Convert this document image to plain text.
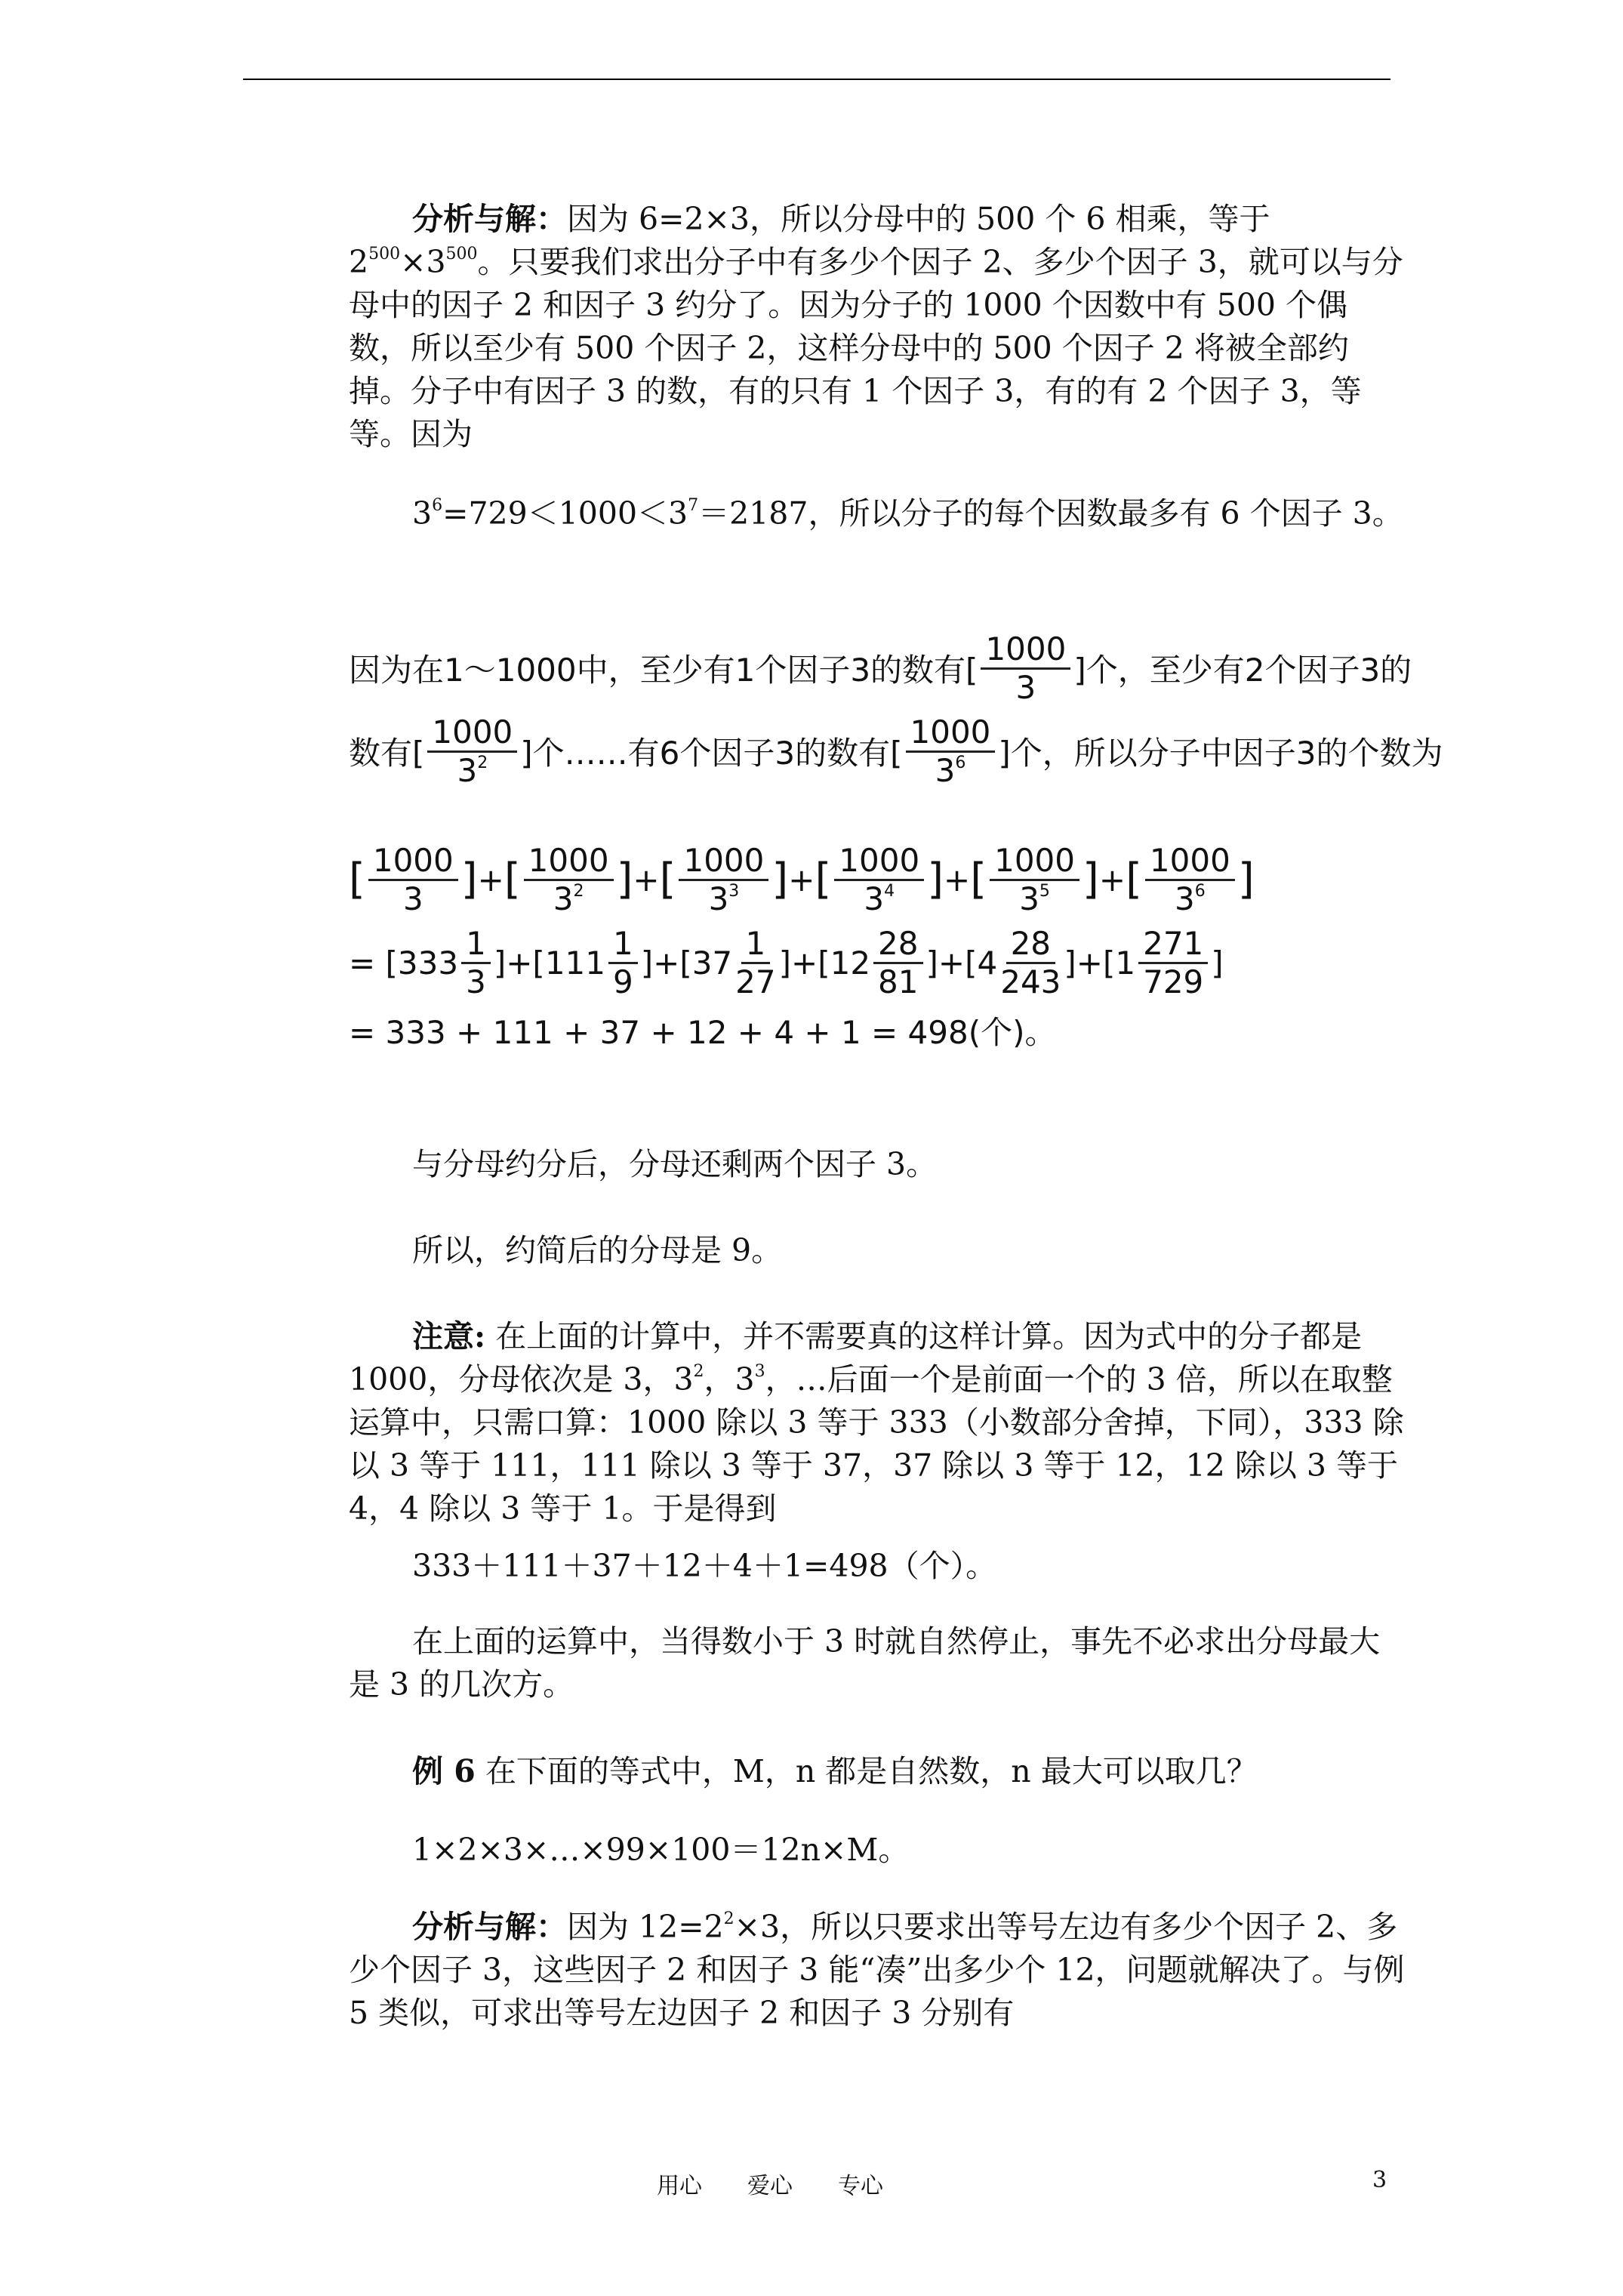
分析与解：因为 6=2×3，所以分母中的 500 个 6 相乘，等于 $2^{500}\times 3^{500}$。只要我们求出分子中有多少个因子 2、多少个因子 3，就可以与分母中的因子 2 和因子 3 约分了。因为分子的 1000 个因数中有 500 个偶数，所以至少有 500 个因子 2，这样分母中的 500 个因子 2 将被全部约掉。分子中有因子 3 的数，有的只有 1 个因子 3，有的有 2 个因子 3，等等。因为

$3^6=729<1000<3^7=2187$，所以分子的每个因数最多有 6 个因子 3。

因为在1～1000中，至少有1个因子3的数有[ $\frac{1000}{3}$ ]个，至少有2个因子3的
数有[ $\frac{1000}{3^2}$ ]个……有6个因子3的数有[ $\frac{1000}{3^6}$ ]个，所以分子中因子3的个数为
[ $\frac{1000}{3}$ ] + [ $\frac{1000}{3^2}$ ] + [ $\frac{1000}{3^3}$ ] + [ $\frac{1000}{3^4}$ ] + [ $\frac{1000}{3^5}$ ] + [ $\frac{1000}{3^6}$ ]
= [$333 \frac{1}{3}$ ] + [ $111 \frac{1}{9}$ ] + [ $37 \frac{1}{27}$ ] + [ $12 \frac{28}{81}$ ] + [ $4 \frac{28}{243}$ ] + [ $1 \frac{271}{729}$ ]
= 333 + 111 + 37 + 12 + 4 + 1 = 498(个)。

与分母约分后，分母还剩两个因子 3。

所以，约简后的分母是 9。

注意: 在上面的计算中，并不需要真的这样计算。因为式中的分子都是 1000，分母依次是 3，$3^2$，$3^3$，…后面一个是前面一个的 3 倍，所以在取整运算中，只需口算：1000 除以 3 等于 333（小数部分舍掉，下同），333 除以 3 等于 111，111 除以 3 等于 37，37 除以 3 等于 12，12 除以 3 等于 4，4 除以 3 等于 1。于是得到

333＋111＋37＋12＋4＋1=498（个）。

在上面的运算中，当得数小于 3 时就自然停止，事先不必求出分母最大是 3 的几次方。

例 6 在下面的等式中，M，n 都是自然数，n 最大可以取几？

1×2×3×…×99×100＝12n×M。

分析与解：因为 $12=2^2\times 3$，所以只要求出等号左边有多少个因子 2、多少个因子 3，这些因子 2 和因子 3 能“凑”出多少个 12，问题就解决了。与例 5 类似，可求出等号左边因子 2 和因子 3 分别有

用心　　爱心　　专心	3
